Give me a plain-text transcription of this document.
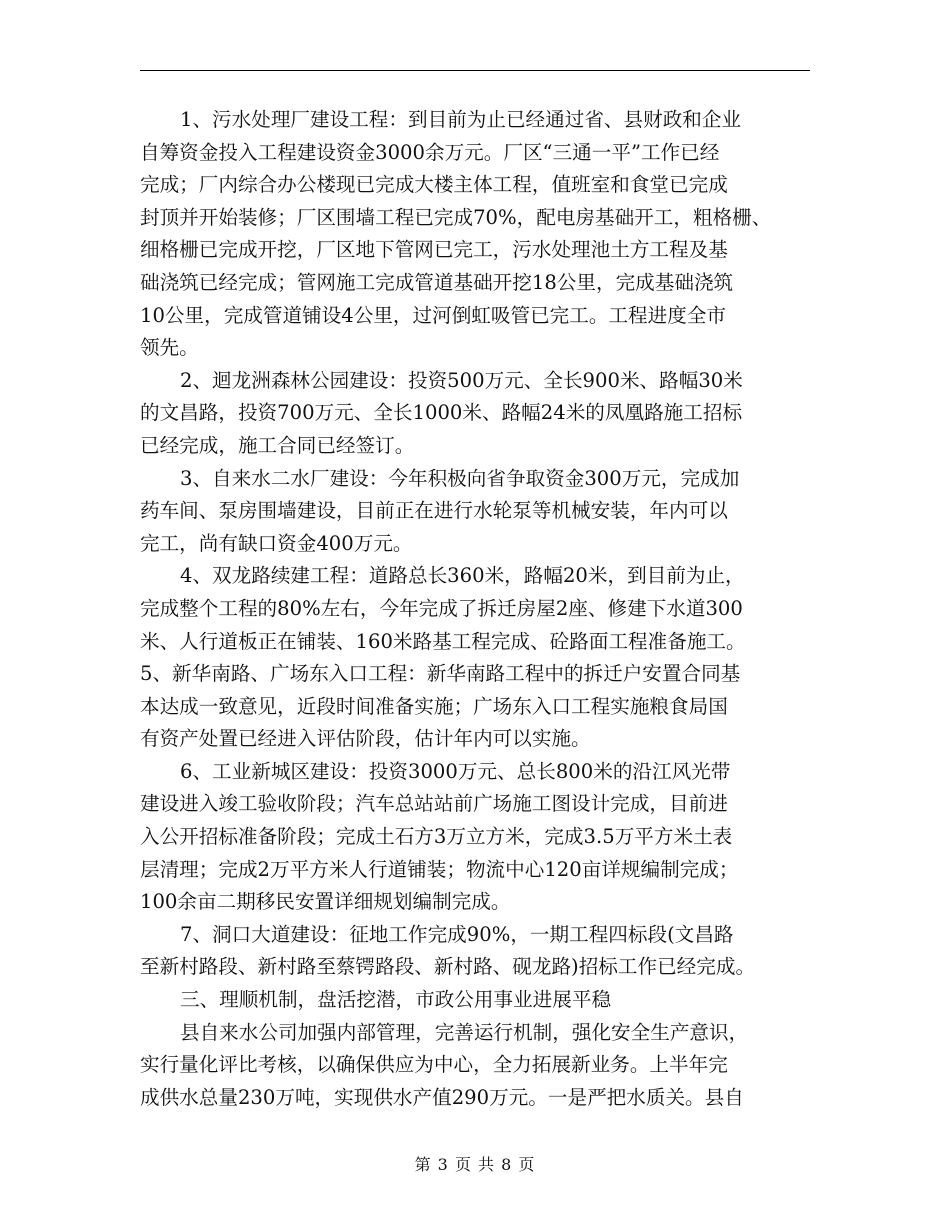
1、污水处理厂建设工程：到目前为止已经通过省、县财政和企业
自筹资金投入工程建设资金3000余万元。厂区“三通一平”工作已经
完成；厂内综合办公楼现已完成大楼主体工程，值班室和食堂已完成
封顶并开始装修；厂区围墙工程已完成70%，配电房基础开工，粗格栅、
细格栅已完成开挖，厂区地下管网已完工，污水处理池土方工程及基
础浇筑已经完成；管网施工完成管道基础开挖18公里，完成基础浇筑
10公里，完成管道铺设4公里，过河倒虹吸管已完工。工程进度全市
领先。
2、迴龙洲森林公园建设：投资500万元、全长900米、路幅30米
的文昌路，投资700万元、全长1000米、路幅24米的凤凰路施工招标
已经完成，施工合同已经签订。
3、自来水二水厂建设：今年积极向省争取资金300万元，完成加
药车间、泵房围墙建设，目前正在进行水轮泵等机械安装，年内可以
完工，尚有缺口资金400万元。
4、双龙路续建工程：道路总长360米，路幅20米，到目前为止，
完成整个工程的80%左右，今年完成了拆迁房屋2座、修建下水道300
米、人行道板正在铺装、160米路基工程完成、砼路面工程准备施工。
5、新华南路、广场东入口工程：新华南路工程中的拆迁户安置合同基
本达成一致意见，近段时间准备实施；广场东入口工程实施粮食局国
有资产处置已经进入评估阶段，估计年内可以实施。
6、工业新城区建设：投资3000万元、总长800米的沿江风光带
建设进入竣工验收阶段；汽车总站站前广场施工图设计完成，目前进
入公开招标准备阶段；完成土石方3万立方米，完成3.5万平方米土表
层清理；完成2万平方米人行道铺装；物流中心120亩详规编制完成；
100余亩二期移民安置详细规划编制完成。
7、洞口大道建设：征地工作完成90%，一期工程四标段(文昌路
至新村路段、新村路至蔡锷路段、新村路、砚龙路)招标工作已经完成。
三、理顺机制，盘活挖潜，市政公用事业进展平稳
县自来水公司加强内部管理，完善运行机制，强化安全生产意识，
实行量化评比考核，以确保供应为中心，全力拓展新业务。上半年完
成供水总量230万吨，实现供水产值290万元。一是严把水质关。县自
第 3 页 共 8 页
